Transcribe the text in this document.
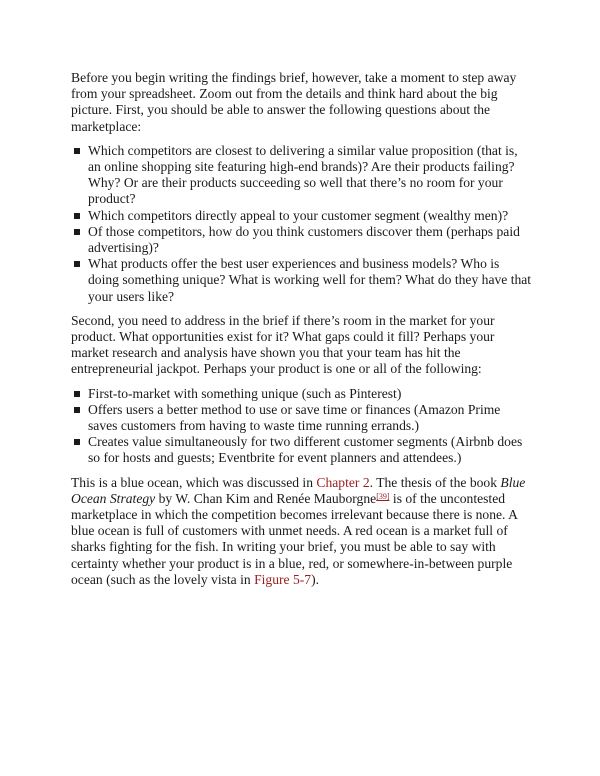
Before you begin writing the findings brief, however, take a moment to step away from your spreadsheet. Zoom out from the details and think hard about the big picture. First, you should be able to answer the following questions about the marketplace:

Which competitors are closest to delivering a similar value proposition (that is, an online shopping site featuring high-end brands)? Are their products failing? Why? Or are their products succeeding so well that there’s no room for your product?
Which competitors directly appeal to your customer segment (wealthy men)?
Of those competitors, how do you think customers discover them (perhaps paid advertising)?
What products offer the best user experiences and business models? Who is doing something unique? What is working well for them? What do they have that your users like?

Second, you need to address in the brief if there’s room in the market for your product. What opportunities exist for it? What gaps could it fill? Perhaps your market research and analysis have shown you that your team has hit the entrepreneurial jackpot. Perhaps your product is one or all of the following:

First-to-market with something unique (such as Pinterest)
Offers users a better method to use or save time or finances (Amazon Prime saves customers from having to waste time running errands.)
Creates value simultaneously for two different customer segments (Airbnb does so for hosts and guests; Eventbrite for event planners and attendees.)

This is a blue ocean, which was discussed in Chapter 2. The thesis of the book Blue Ocean Strategy by W. Chan Kim and Renée Mauborgne[39] is of the uncontested marketplace in which the competition becomes irrelevant because there is none. A blue ocean is full of customers with unmet needs. A red ocean is a market full of sharks fighting for the fish. In writing your brief, you must be able to say with certainty whether your product is in a blue, red, or somewhere-in-between purple ocean (such as the lovely vista in Figure 5-7).
